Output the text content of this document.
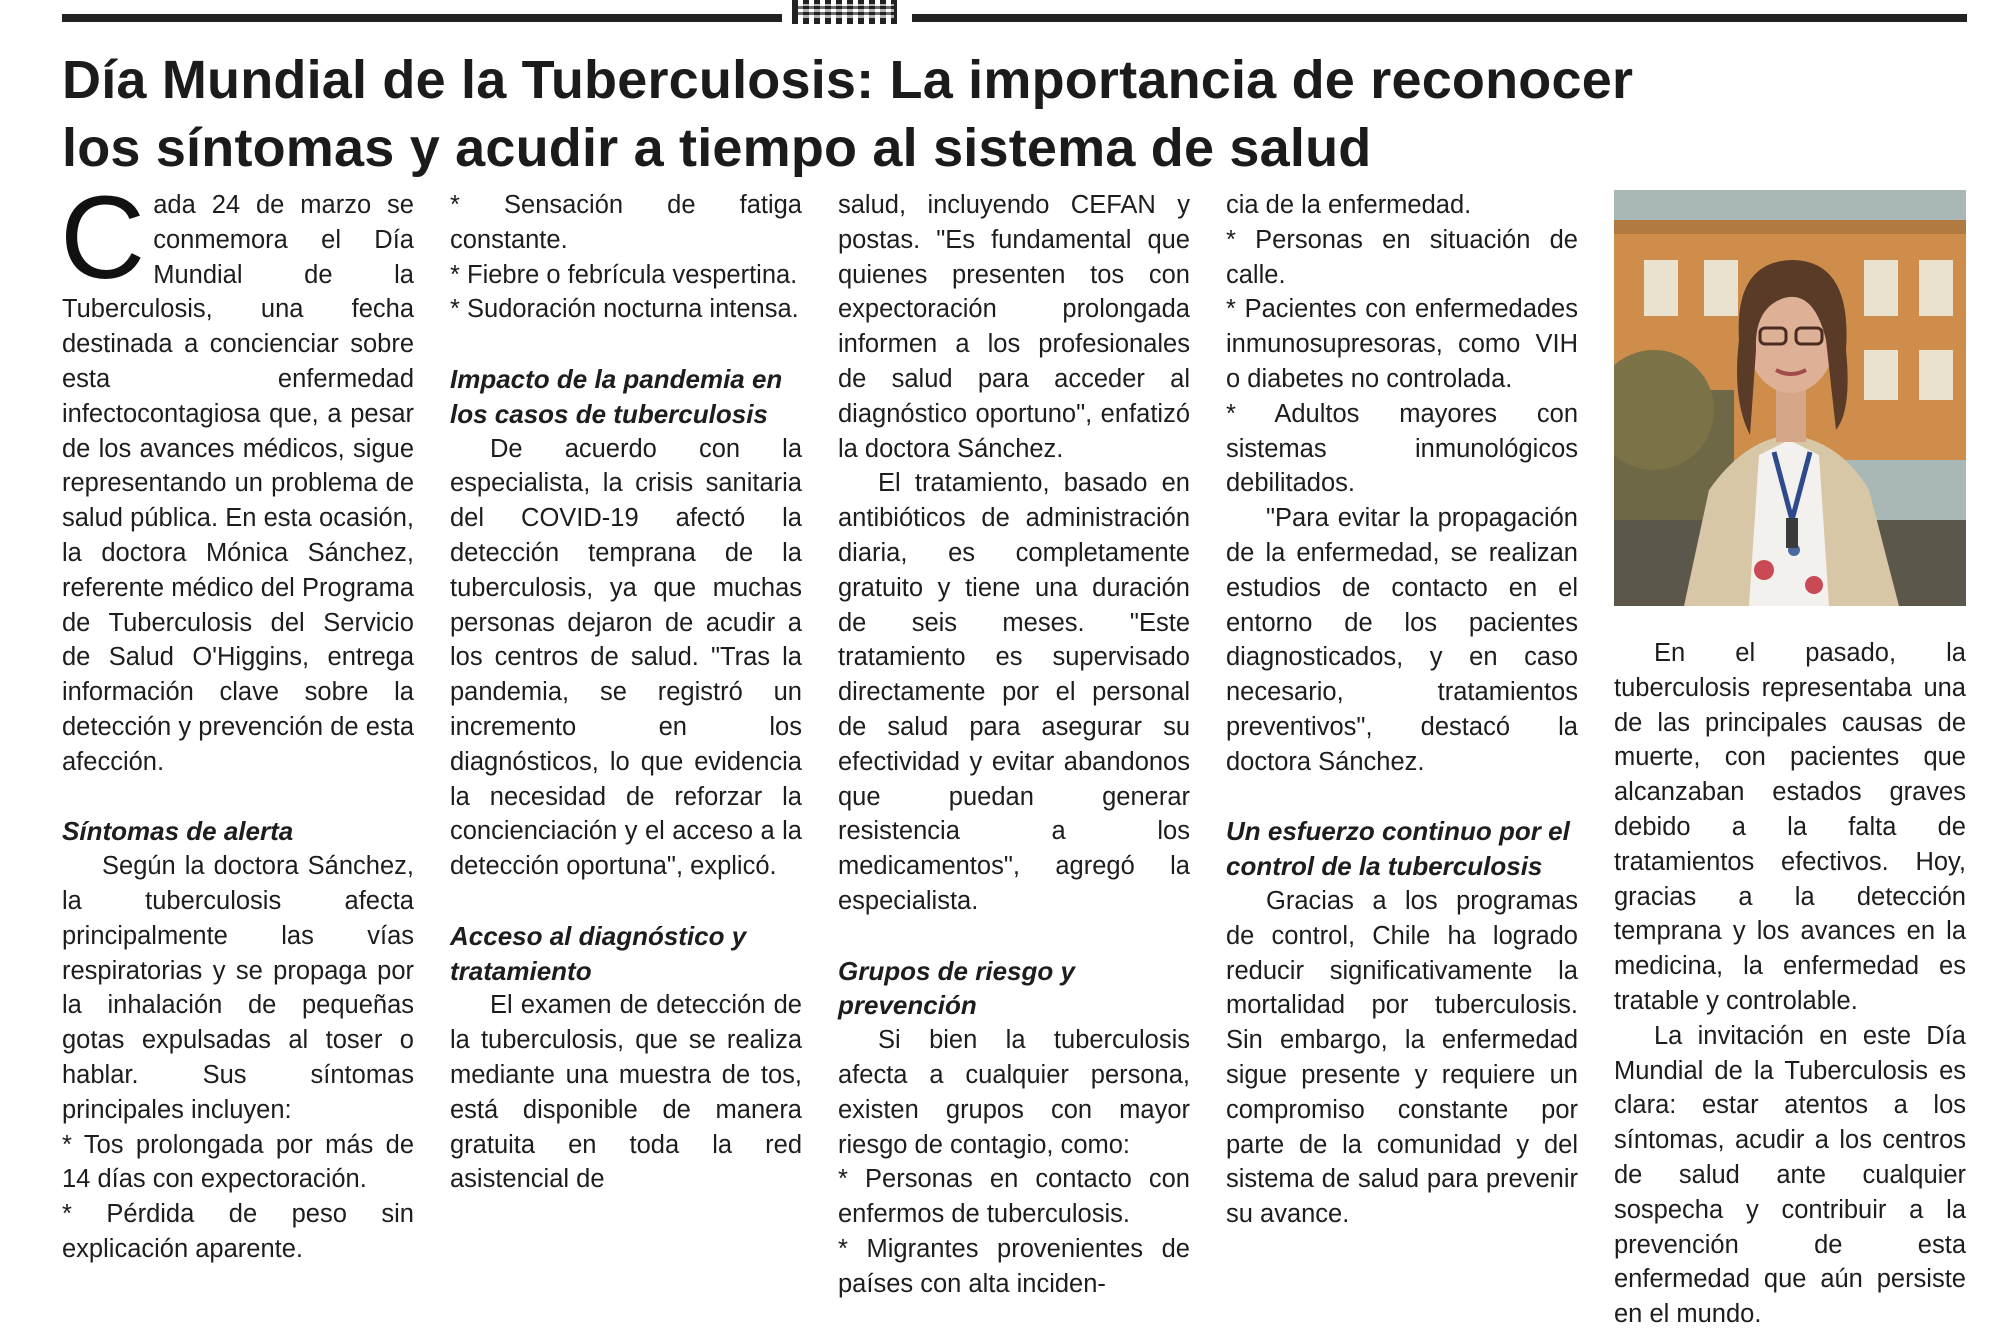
Día Mundial de la Tuberculosis: La importancia de reconocer
los síntomas y acudir a tiempo al sistema de salud

Cada 24 de marzo se conmemora el Día Mundial de la Tuberculosis, una fecha destinada a concienciar sobre esta enfermedad infectocontagiosa que, a pesar de los avances médicos, sigue representando un problema de salud pública. En esta ocasión, la doctora Mónica Sánchez, referente médico del Programa de Tuberculosis del Servicio de Salud O'Higgins, entrega información clave sobre la detección y prevención de esta afección.

Síntomas de alerta

Según la doctora Sánchez, la tuberculosis afecta principalmente las vías respiratorias y se propaga por la inhalación de pequeñas gotas expulsadas al toser o hablar. Sus síntomas principales incluyen:

* Tos prolongada por más de 14 días con expectoración.

* Pérdida de peso sin explicación aparente.

* Sensación de fatiga constante.

* Fiebre o febrícula vespertina.

* Sudoración nocturna intensa.

Impacto de la pandemia en los casos de tuberculosis

De acuerdo con la especialista, la crisis sanitaria del COVID-19 afectó la detección temprana de la tuberculosis, ya que muchas personas dejaron de acudir a los centros de salud. "Tras la pandemia, se registró un incremento en los diagnósticos, lo que evidencia la necesidad de reforzar la concienciación y el acceso a la detección oportuna", explicó.

Acceso al diagnóstico y tratamiento

El examen de detección de la tuberculosis, que se realiza mediante una muestra de tos, está disponible de manera gratuita en toda la red asistencial de

salud, incluyendo CEFAN y postas. "Es fundamental que quienes presenten tos con expectoración prolongada informen a los profesionales de salud para acceder al diagnóstico oportuno", enfatizó la doctora Sánchez.

El tratamiento, basado en antibióticos de administración diaria, es completamente gratuito y tiene una duración de seis meses. "Este tratamiento es supervisado directamente por el personal de salud para asegurar su efectividad y evitar abandonos que puedan generar resistencia a los medicamentos", agregó la especialista.

Grupos de riesgo y prevención

Si bien la tuberculosis afecta a cualquier persona, existen grupos con mayor riesgo de contagio, como:

* Personas en contacto con enfermos de tuberculosis.

* Migrantes provenientes de países con alta inciden-

cia de la enfermedad.

* Personas en situación de calle.

* Pacientes con enfermedades inmunosupresoras, como VIH o diabetes no controlada.

* Adultos mayores con sistemas inmunológicos debilitados.

"Para evitar la propagación de la enfermedad, se realizan estudios de contacto en el entorno de los pacientes diagnosticados, y en caso necesario, tratamientos preventivos", destacó la doctora Sánchez.

Un esfuerzo continuo por el control de la tuberculosis

Gracias a los programas de control, Chile ha logrado reducir significativamente la mortalidad por tuberculosis. Sin embargo, la enfermedad sigue presente y requiere un compromiso constante por parte de la comunidad y del sistema de salud para prevenir su avance.

En el pasado, la tuberculosis representaba una de las principales causas de muerte, con pacientes que alcanzaban estados graves debido a la falta de tratamientos efectivos. Hoy, gracias a la detección temprana y los avances en la medicina, la enfermedad es tratable y controlable.

La invitación en este Día Mundial de la Tuberculosis es clara: estar atentos a los síntomas, acudir a los centros de salud ante cualquier sospecha y contribuir a la prevención de esta enfermedad que aún persiste en el mundo.
